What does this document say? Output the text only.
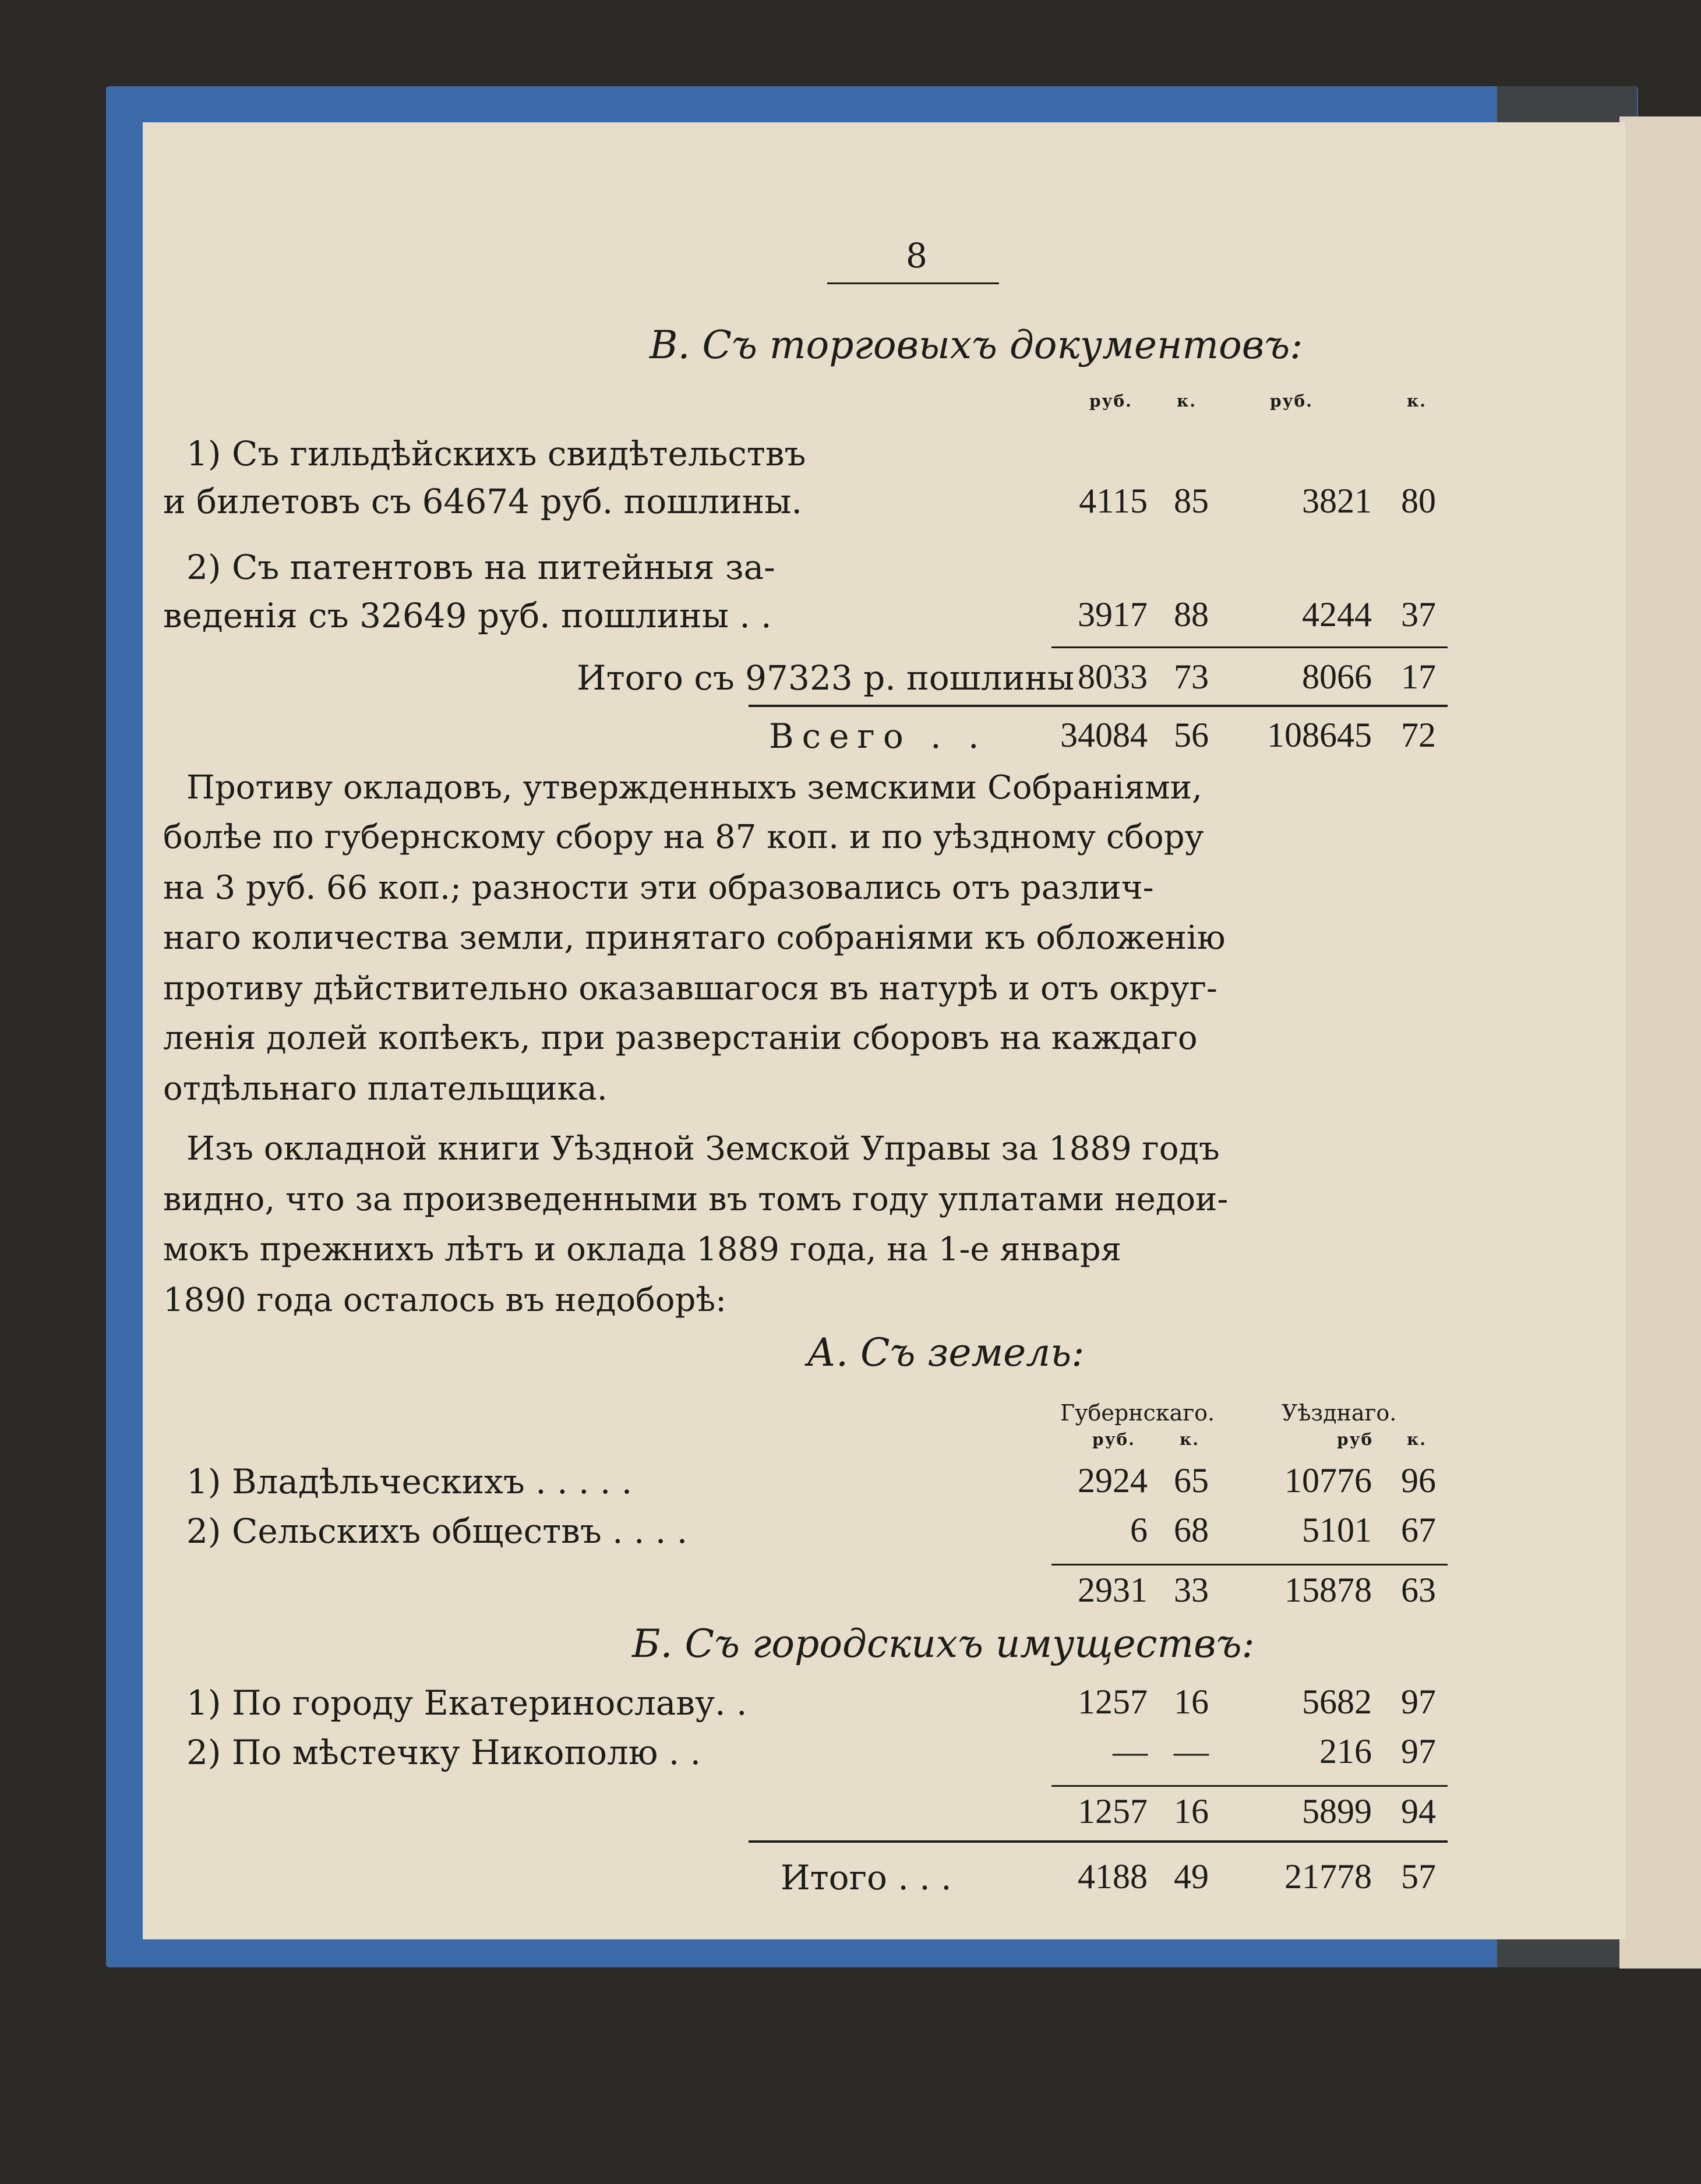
8
В. Съ торговыхъ документовъ:
руб.	к.	руб.	к.
1) Съ гильдѣйскихъ свидѣтельствъ
и билетовъ съ 64674 руб. пошлины.	4115 85	3821 80
2) Съ патентовъ на питейныя за-
веденія съ 32649 руб. пошлины . .	3917 88	4244 37
Итого съ 97323 р. пошлины 8033 73	8066 17
Всего . .	34084 56	108645 72
Противу окладовъ, утвержденныхъ земскими Собраніями,
болѣе по губернскому сбору на 87 коп. и по уѣздному сбору
на 3 руб. 66 коп.; разности эти образовались отъ различ-
наго количества земли, принятаго собраніями къ обложенію
противу дѣйствительно оказавшагося въ натурѣ и отъ округ-
ленія долей копѣекъ, при разверстаніи сборовъ на каждаго
отдѣльнаго плательщика.
Изъ окладной книги Уѣздной Земской Управы за 1889 годъ
видно, что за произведенными въ томъ году уплатами недои-
мокъ прежнихъ лѣтъ и оклада 1889 года, на 1-е января
1890 года осталось въ недоборѣ:
А. Съ земель:
Губернскаго.	Уѣзднаго.
руб.	к.	руб к.
1) Владѣльческихъ . . . . .	2924 65	10776 96
2) Сельскихъ обществъ . . . .	6 68	5101 67
2931 33	15878 63
Б. Съ городскихъ имуществъ:
1) По городу Екатеринославу. .	1257 16	5682 97
2) По мѣстечку Никополю . .	— —	216 97
1257 16	5899 94
Итого . . .	4188 49	21778 57
